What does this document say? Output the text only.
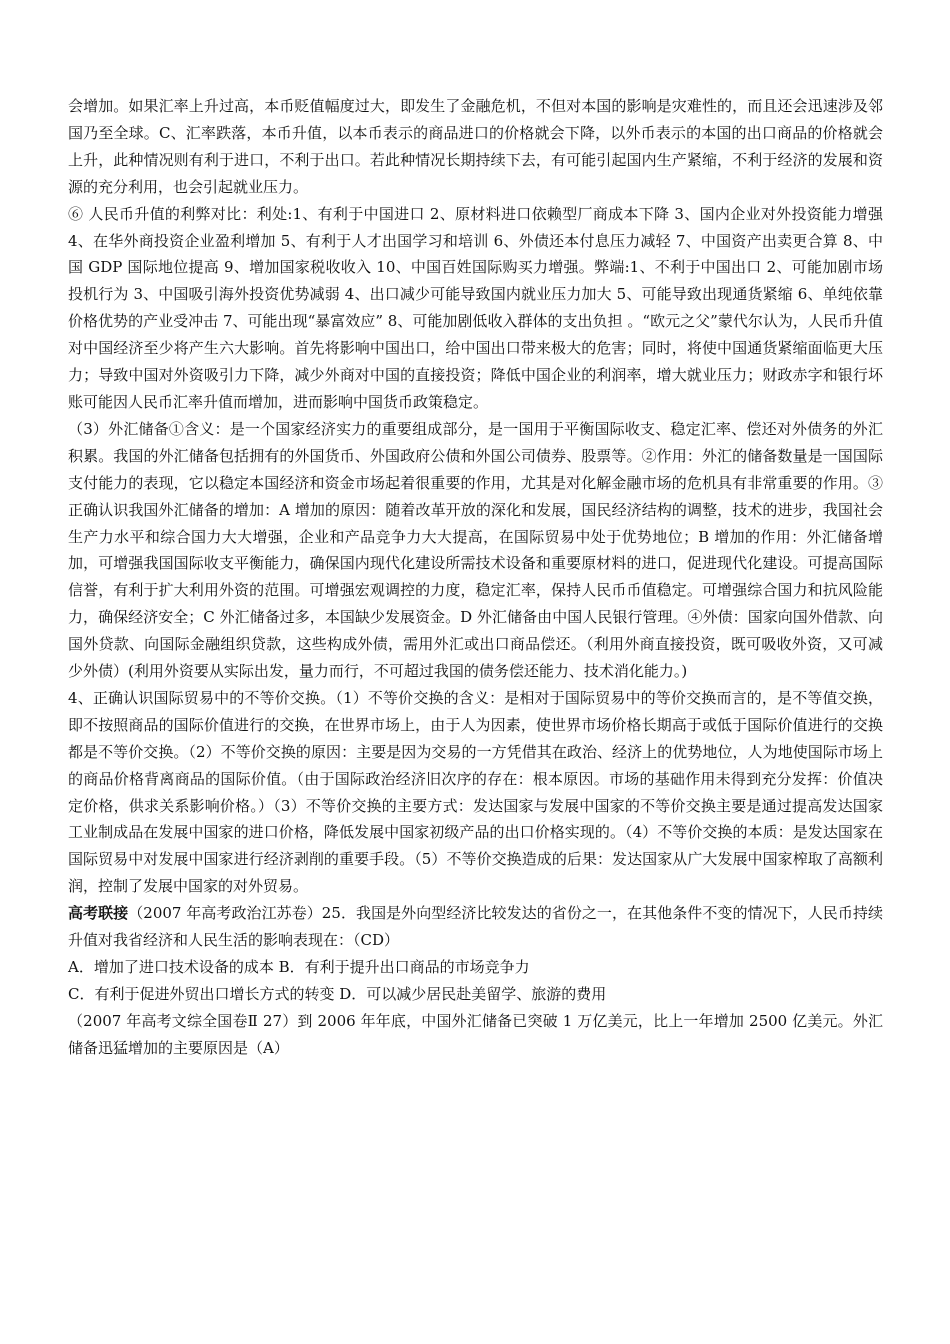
会增加。如果汇率上升过高，本币贬值幅度过大，即发生了金融危机，不但对本国的影响是灾难性的，而且还会迅速涉及邻国乃至全球。C、汇率跌落，本币升值，以本币表示的商品进口的价格就会下降，以外币表示的本国的出口商品的价格就会上升，此种情况则有利于进口，不利于出口。若此种情况长期持续下去，有可能引起国内生产紧缩，不利于经济的发展和资源的充分利用，也会引起就业压力。

⑥ 人民币升值的利弊对比：利处:1、有利于中国进口 2、原材料进口依赖型厂商成本下降 3、国内企业对外投资能力增强 4、在华外商投资企业盈利增加 5、有利于人才出国学习和培训 6、外债还本付息压力减轻 7、中国资产出卖更合算 8、中国 GDP 国际地位提高 9、增加国家税收收入 10、中国百姓国际购买力增强。弊端:1、不利于中国出口 2、可能加剧市场投机行为 3、中国吸引海外投资优势减弱 4、出口减少可能导致国内就业压力加大 5、可能导致出现通货紧缩 6、单纯依靠价格优势的产业受冲击 7、可能出现“暴富效应” 8、可能加剧低收入群体的支出负担 。“欧元之父”蒙代尔认为，人民币升值对中国经济至少将产生六大影响。首先将影响中国出口，给中国出口带来极大的危害；同时，将使中国通货紧缩面临更大压力；导致中国对外资吸引力下降，减少外商对中国的直接投资；降低中国企业的利润率，增大就业压力；财政赤字和银行坏账可能因人民币汇率升值而增加，进而影响中国货币政策稳定。

（3）外汇储备①含义：是一个国家经济实力的重要组成部分，是一国用于平衡国际收支、稳定汇率、偿还对外债务的外汇积累。我国的外汇储备包括拥有的外国货币、外国政府公债和外国公司债券、股票等。②作用：外汇的储备数量是一国国际支付能力的表现，它以稳定本国经济和资金市场起着很重要的作用，尤其是对化解金融市场的危机具有非常重要的作用。③正确认识我国外汇储备的增加：A 增加的原因：随着改革开放的深化和发展，国民经济结构的调整，技术的进步，我国社会生产力水平和综合国力大大增强，企业和产品竞争力大大提高，在国际贸易中处于优势地位；B 增加的作用：外汇储备增加，可增强我国国际收支平衡能力，确保国内现代化建设所需技术设备和重要原材料的进口，促进现代化建设。可提高国际信誉，有利于扩大利用外资的范围。可增强宏观调控的力度，稳定汇率，保持人民币币值稳定。可增强综合国力和抗风险能力，确保经济安全；C 外汇储备过多，本国缺少发展资金。D 外汇储备由中国人民银行管理。④外债：国家向国外借款、向国外贷款、向国际金融组织贷款，这些构成外债，需用外汇或出口商品偿还。（利用外商直接投资，既可吸收外资，又可减少外债）(利用外资要从实际出发，量力而行，不可超过我国的债务偿还能力、技术消化能力。)

4、正确认识国际贸易中的不等价交换。（1）不等价交换的含义：是相对于国际贸易中的等价交换而言的，是不等值交换，即不按照商品的国际价值进行的交换，在世界市场上，由于人为因素，使世界市场价格长期高于或低于国际价值进行的交换都是不等价交换。（2）不等价交换的原因：主要是因为交易的一方凭借其在政治、经济上的优势地位，人为地使国际市场上的商品价格背离商品的国际价值。（由于国际政治经济旧次序的存在：根本原因。市场的基础作用未得到充分发挥：价值决定价格，供求关系影响价格。）（3）不等价交换的主要方式：发达国家与发展中国家的不等价交换主要是通过提高发达国家工业制成品在发展中国家的进口价格，降低发展中国家初级产品的出口价格实现的。（4）不等价交换的本质：是发达国家在国际贸易中对发展中国家进行经济剥削的重要手段。（5）不等价交换造成的后果：发达国家从广大发展中国家榨取了高额利润，控制了发展中国家的对外贸易。

高考联接（2007 年高考政治江苏卷）25．我国是外向型经济比较发达的省份之一，在其他条件不变的情况下，人民币持续升值对我省经济和人民生活的影响表现在：（CD）

A．增加了进口技术设备的成本 B．有利于提升出口商品的市场竞争力

C．有利于促进外贸出口增长方式的转变 D．可以减少居民赴美留学、旅游的费用

（2007 年高考文综全国卷Ⅱ 27）到 2006 年年底，中国外汇储备已突破 1 万亿美元，比上一年增加 2500 亿美元。外汇储备迅猛增加的主要原因是（A）
